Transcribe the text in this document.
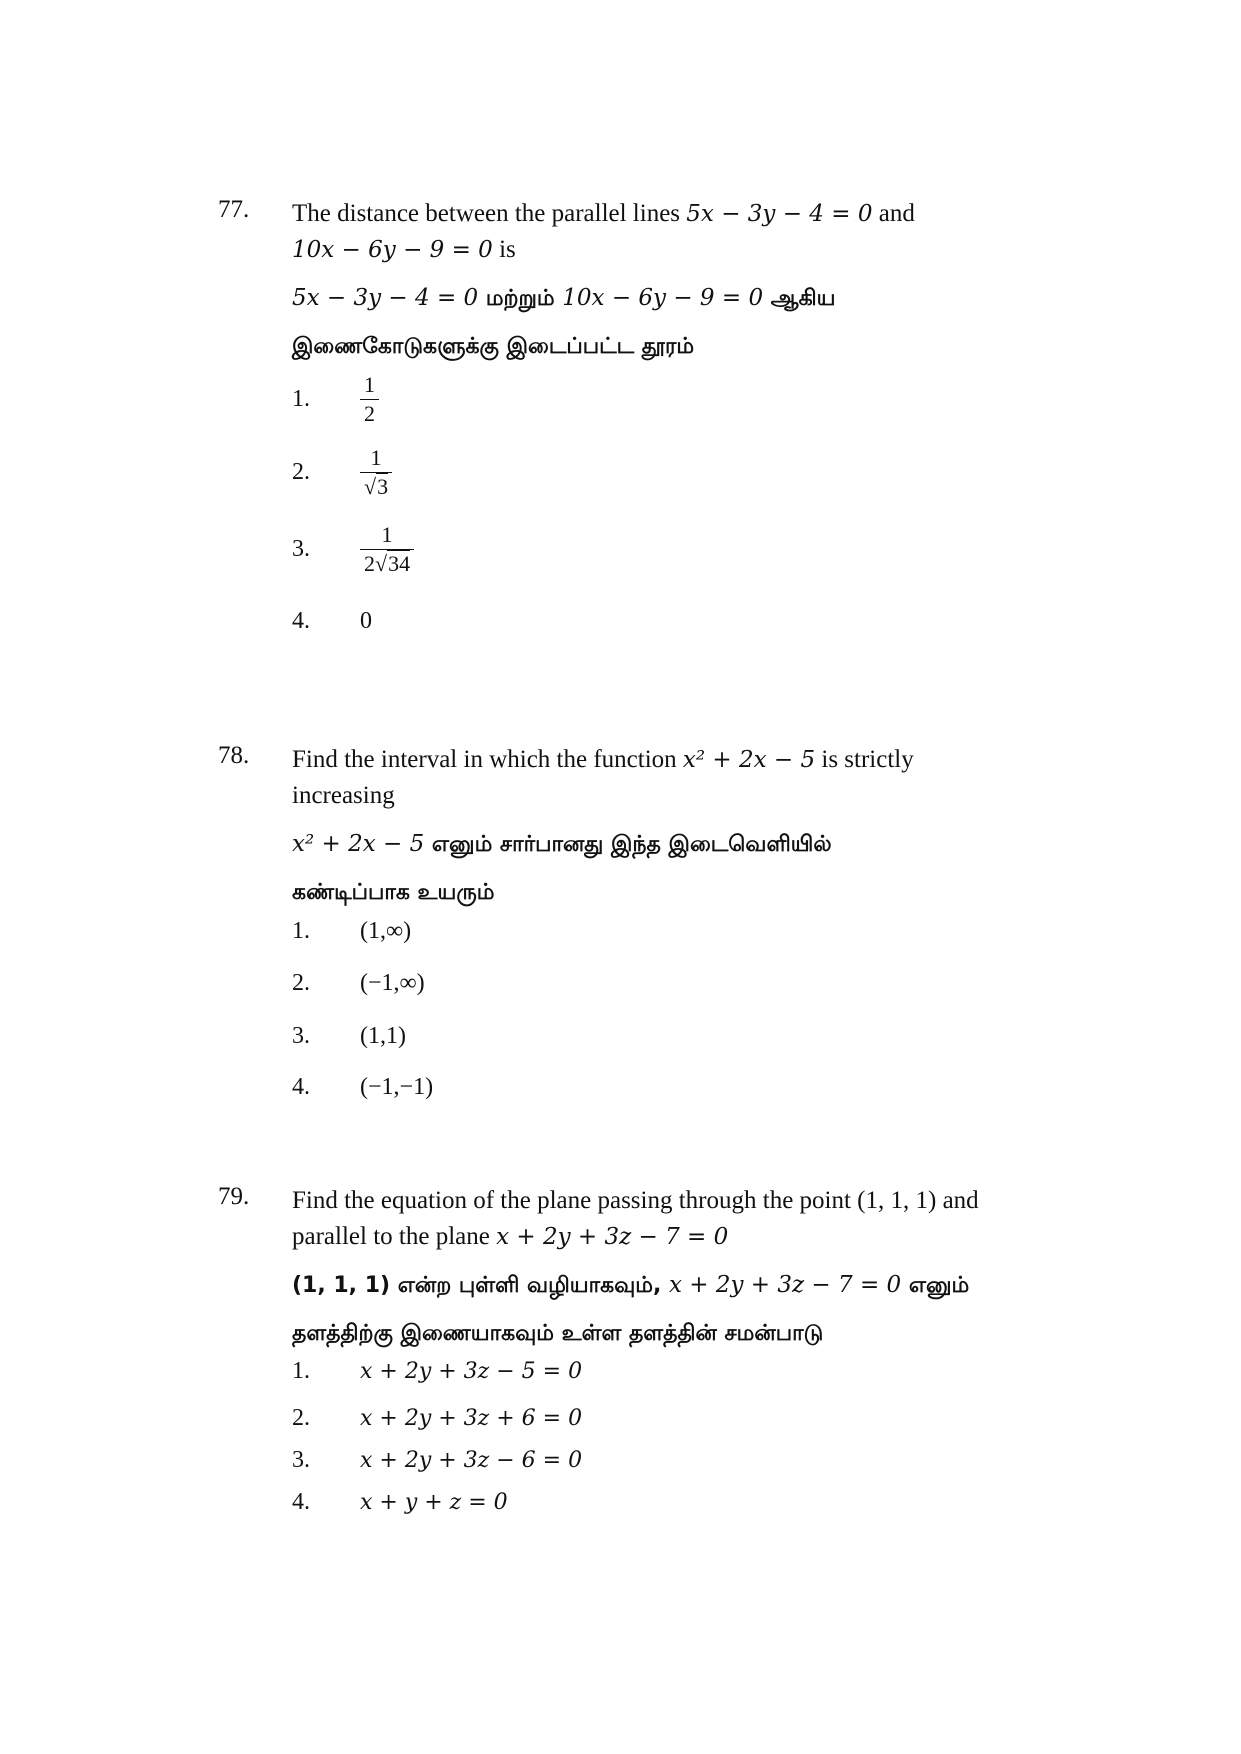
77. The distance between the parallel lines 5x − 3y − 4 = 0 and
10x − 6y − 9 = 0 is
5x − 3y − 4 = 0 மற்றும் 10x − 6y − 9 = 0 ஆகிய
இணைகோடுகளுக்கு இடைப்பட்ட தூரம்
1.	$\frac{1}{2}$
2.	$\frac{1}{√3}$
3.	$\frac{1}{2√34}$
4.	0
78. Find the interval in which the function x² + 2x − 5 is strictly
increasing
x² + 2x − 5 எனும் சார்பானது இந்த இடைவெளியில்
கண்டிப்பாக உயரும்
1.	(1,∞)
2.	(−1,∞)
3.	(1,1)
4.	(−1,−1)
79. Find the equation of the plane passing through the point (1, 1, 1) and
parallel to the plane x + 2y + 3z − 7 = 0
(1, 1, 1) என்ற புள்ளி வழியாகவும், x + 2y + 3z − 7 = 0 எனும்
தளத்திற்கு இணையாகவும் உள்ள தளத்தின் சமன்பாடு
1.	x + 2y + 3z − 5 = 0
2.	x + 2y + 3z + 6 = 0
3.	x + 2y + 3z − 6 = 0
4.	x + y + z = 0
